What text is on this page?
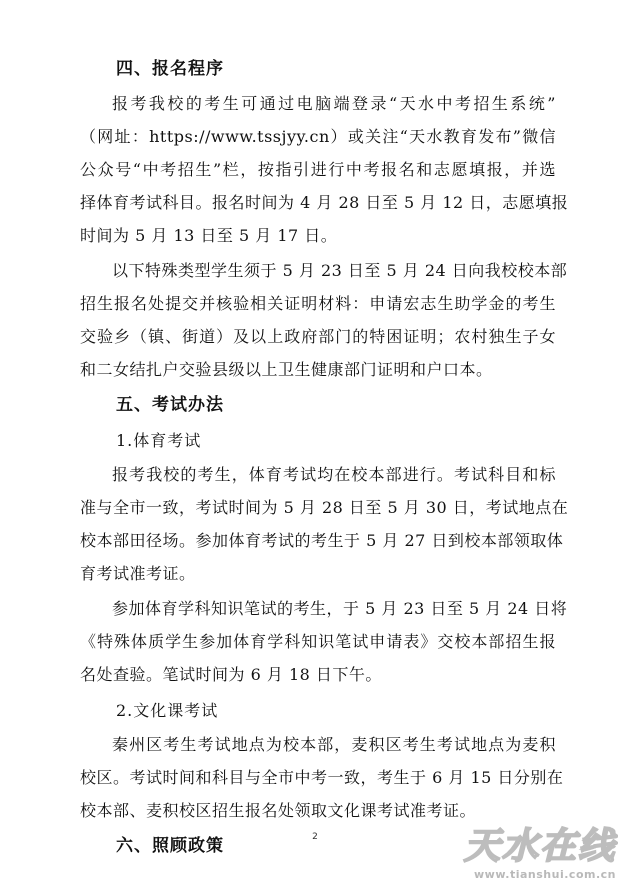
四、报名程序
报考我校的考生可通过电脑端登录“天水中考招生系统”
（网址：https://www.tssjyy.cn）或关注“天水教育发布”微信
公众号“中考招生”栏，按指引进行中考报名和志愿填报，并选
择体育考试科目。报名时间为 4 月 28 日至 5 月 12 日，志愿填报
时间为 5 月 13 日至 5 月 17 日。
以下特殊类型学生须于 5 月 23 日至 5 月 24 日向我校校本部
招生报名处提交并核验相关证明材料：申请宏志生助学金的考生
交验乡（镇、街道）及以上政府部门的特困证明；农村独生子女
和二女结扎户交验县级以上卫生健康部门证明和户口本。
五、考试办法
1.体育考试
报考我校的考生，体育考试均在校本部进行。考试科目和标
准与全市一致，考试时间为 5 月 28 日至 5 月 30 日，考试地点在
校本部田径场。参加体育考试的考生于 5 月 27 日到校本部领取体
育考试准考证。
参加体育学科知识笔试的考生，于 5 月 23 日至 5 月 24 日将
《特殊体质学生参加体育学科知识笔试申请表》交校本部招生报
名处查验。笔试时间为 6 月 18 日下午。
2.文化课考试
秦州区考生考试地点为校本部，麦积区考生考试地点为麦积
校区。考试时间和科目与全市中考一致，考生于 6 月 15 日分别在
校本部、麦积校区招生报名处领取文化课考试准考证。
六、照顾政策	2	天水在线
www.tianshui.com.cn
